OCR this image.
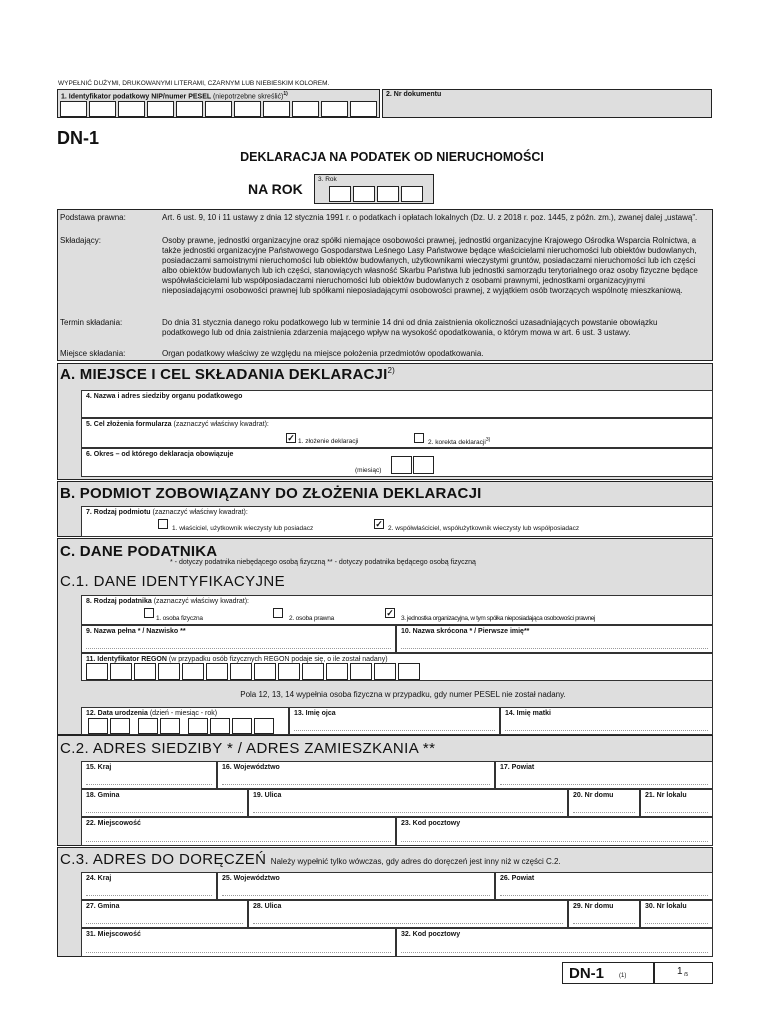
WYPEŁNIĆ DUŻYMI, DRUKOWANYMI LITERAMI, CZARNYM LUB NIEBIESKIM KOLOREM.
1. Identyfikator podatkowy NIP/numer PESEL (niepotrzebne skreślić)$^{1)}$	2. Nr dokumentu
DN-1
DEKLARACJA NA PODATEK OD NIERUCHOMOŚCI
NA ROK
3. Rok
Podstawa prawna:	Art. 6 ust. 9, 10 i 11 ustawy z dnia 12 stycznia 1991 r. o podatkach i opłatach lokalnych (Dz. U. z 2018 r. poz. 1445, z późn. zm.), zwanej dalej „ustawą”.
Składający:	Osoby prawne, jednostki organizacyjne oraz spółki niemające osobowości prawnej, jednostki organizacyjne Krajowego Ośrodka Wsparcia Rolnictwa, a także jednostki organizacyjne Państwowego Gospodarstwa Leśnego Lasy Państwowe będące właścicielami nieruchomości lub obiektów budowlanych, posiadaczami samoistnymi nieruchomości lub obiektów budowlanych, użytkownikami wieczystymi gruntów, posiadaczami nieruchomości lub ich części albo obiektów budowlanych lub ich części, stanowiących własność Skarbu Państwa lub jednostki samorządu terytorialnego oraz osoby fizyczne będące współwłaścicielami lub współposiadaczami nieruchomości lub obiektów budowlanych z osobami prawnymi, jednostkami organizacyjnymi nieposiadającymi osobowości prawnej lub spółkami nieposiadającymi osobowości prawnej, z wyjątkiem osób tworzących wspólnotę mieszkaniową.
Termin składania:	Do dnia 31 stycznia danego roku podatkowego lub w terminie 14 dni od dnia zaistnienia okoliczności uzasadniających powstanie obowiązku podatkowego lub od dnia zaistnienia zdarzenia mającego wpływ na wysokość opodatkowania, o którym mowa w art. 6 ust. 3 ustawy.
Miejsce składania:	Organ podatkowy właściwy ze względu na miejsce położenia przedmiotów opodatkowania.
A. MIEJSCE I CEL SKŁADANIA DEKLARACJI$^{2)}$
4. Nazwa i adres siedziby organu podatkowego
5. Cel złożenia formularza (zaznaczyć właściwy kwadrat):
✓ 1. złożenie deklaracji	2. korekta deklaracji$^{3)}$
6. Okres – od którego deklaracja obowiązuje
(miesiąc)
B. PODMIOT ZOBOWIĄZANY DO ZŁOŻENIA DEKLARACJI
7. Rodzaj podmiotu (zaznaczyć właściwy kwadrat):
1. właściciel, użytkownik wieczysty lub posiadacz	✓ 2. współwłaściciel, współużytkownik wieczysty lub współposiadacz
C. DANE PODATNIKA
* - dotyczy podatnika niebędącego osobą fizyczną ** - dotyczy podatnika będącego osobą fizyczną
C.1. DANE IDENTYFIKACYJNE
8. Rodzaj podatnika (zaznaczyć właściwy kwadrat):
1. osoba fizyczna	2. osoba prawna
✓
3. jednostka organizacyjna, w tym spółka nieposiadająca osobowości prawnej
9. Nazwa pełna * / Nazwisko **	10. Nazwa skrócona * / Pierwsze imię**
11. Identyfikator REGON (w przypadku osób fizycznych REGON podaje się, o ile został nadany)
Pola 12, 13, 14 wypełnia osoba fizyczna w przypadku, gdy numer PESEL nie został nadany.
12. Data urodzenia (dzień - miesiąc - rok)	13. Imię ojca	14. Imię matki
C.2. ADRES SIEDZIBY * / ADRES ZAMIESZKANIA **
15. Kraj	16. Województwo	17. Powiat
18. Gmina	19. Ulica	20. Nr domu	21. Nr lokalu
22. Miejscowość	23. Kod pocztowy
C.3. ADRES DO DORĘCZEŃ Należy wypełnić tylko wówczas, gdy adres do doręczeń jest inny niż w części C.2.
24. Kraj	25. Województwo	26. Powiat
27. Gmina	28. Ulica	29. Nr domu	30. Nr lokalu
31. Miejscowość	32. Kod pocztowy
DN-1 (1)	1 /5
